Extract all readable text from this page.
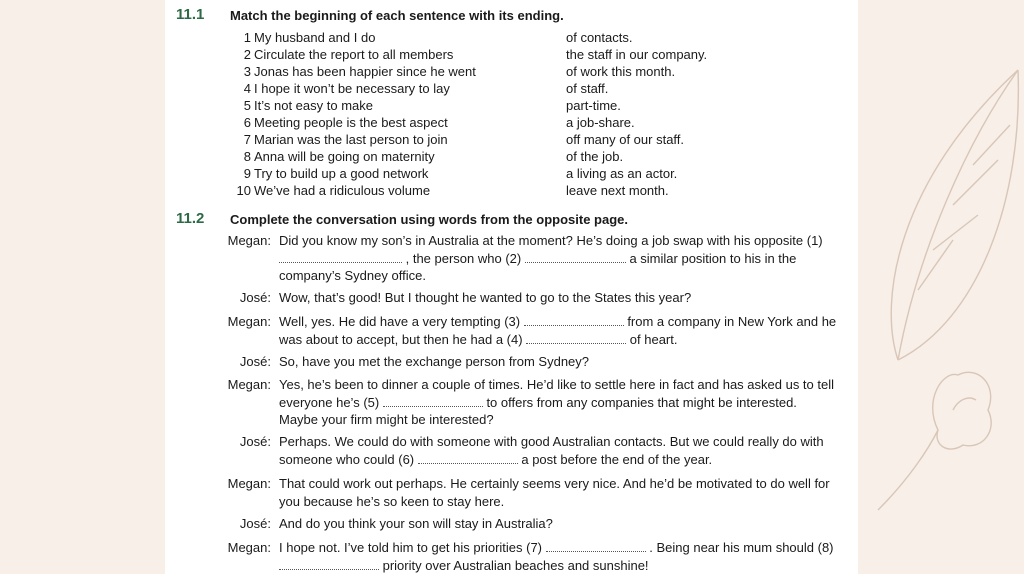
11.1 Match the beginning of each sentence with its ending.
1 My husband and I do	of contacts.
2 Circulate the report to all members	the staff in our company.
3 Jonas has been happier since he went	of work this month.
4 I hope it won’t be necessary to lay	of staff.
5 It’s not easy to make	part-time.
6 Meeting people is the best aspect	a job-share.
7 Marian was the last person to join	off many of our staff.
8 Anna will be going on maternity	of the job.
9 Try to build up a good network	a living as an actor.
10 We’ve had a ridiculous volume	leave next month.
11.2 Complete the conversation using words from the opposite page.
Megan: Did you know my son’s in Australia at the moment? He’s doing a job swap with his opposite (1)  , the person who (2)	a similar position to his in the company’s Sydney office.
José: Wow, that’s good! But I thought he wanted to go to the States this year?
Megan: Well, yes. He did have a very tempting (3)	from a company in New York and he was about to accept, but then he had a (4)	of heart.
José: So, have you met the exchange person from Sydney?
Megan: Yes, he’s been to dinner a couple of times. He’d like to settle here in fact and has asked us to tell everyone he’s (5)	to offers from any companies that might be interested. Maybe your firm might be interested?
José: Perhaps. We could do with someone with good Australian contacts. But we could really do with someone who could (6)	a post before the end of the year.
Megan: That could work out perhaps. He certainly seems very nice. And he’d be motivated to do well for you because he’s so keen to stay here.
José: And do you think your son will stay in Australia?
Megan: I hope not. I’ve told him to get his priorities (7)	. Being near his mum should (8)  priority over Australian beaches and sunshine!
